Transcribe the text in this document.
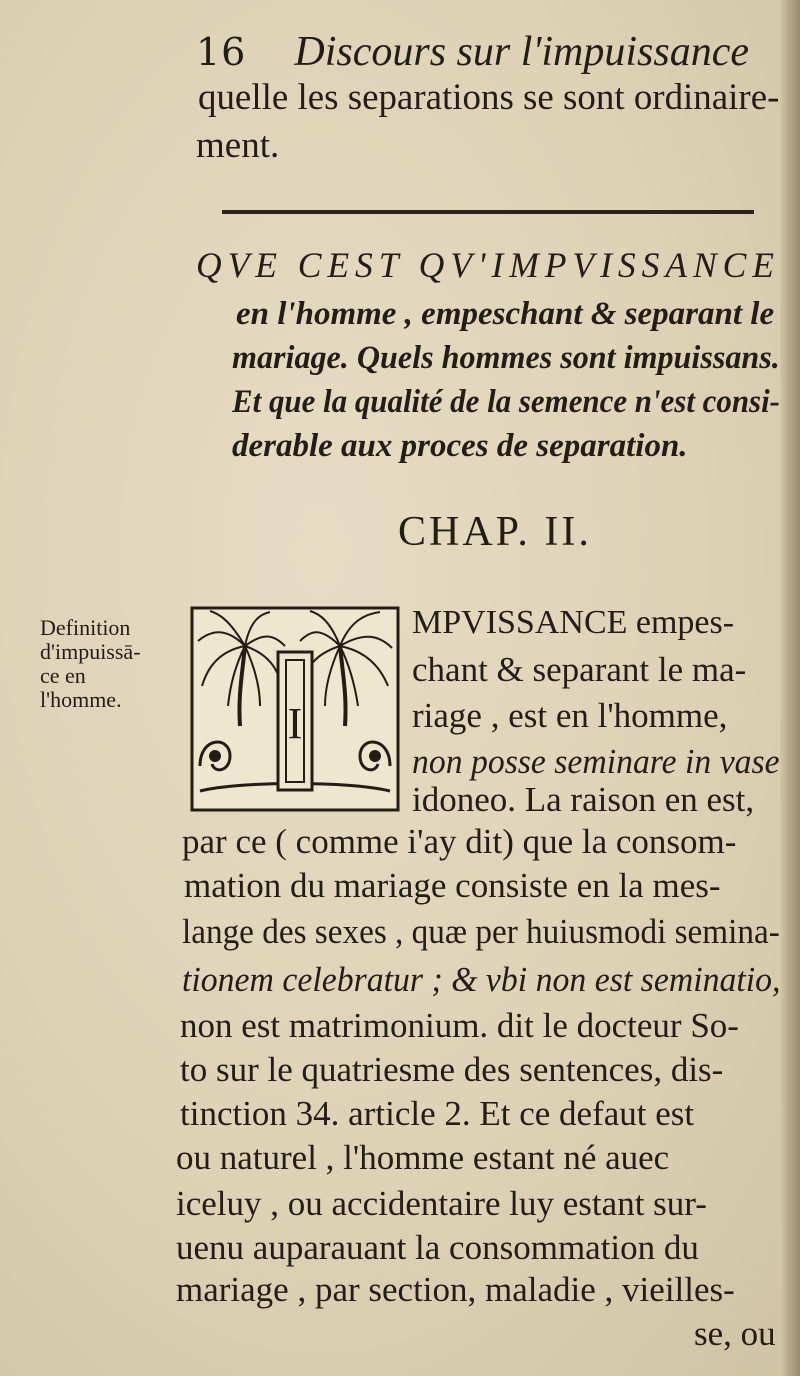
16 Discours sur l'impuissance
quelle les separations se sont ordinaire-
ment.
QVE CEST QV'IMPVISSANCE
en l'homme , empeschant & separant le
mariage. Quels hommes sont impuissans.
Et que la qualité de la semence n'est consi-
derable aux proces de separation.
CHAP. II.
Definition
d'impuissā-
ce en
l'homme.	I
MPVISSANCE empes-
chant & separant le ma-
riage , est en l'homme,
non posse seminare in vase
idoneo. La raison en est,
par ce ( comme i'ay dit) que la consom-
mation du mariage consiste en la mes-
lange des sexes , quæ per huiusmodi semina-
tionem celebratur ; & vbi non est seminatio,
non est matrimonium. dit le docteur So-
to sur le quatriesme des sentences, dis-
tinction 34. article 2. Et ce defaut est
ou naturel , l'homme estant né auec
iceluy , ou accidentaire luy estant sur-
uenu auparauant la consommation du
mariage , par section, maladie , vieilles-
se, ou
